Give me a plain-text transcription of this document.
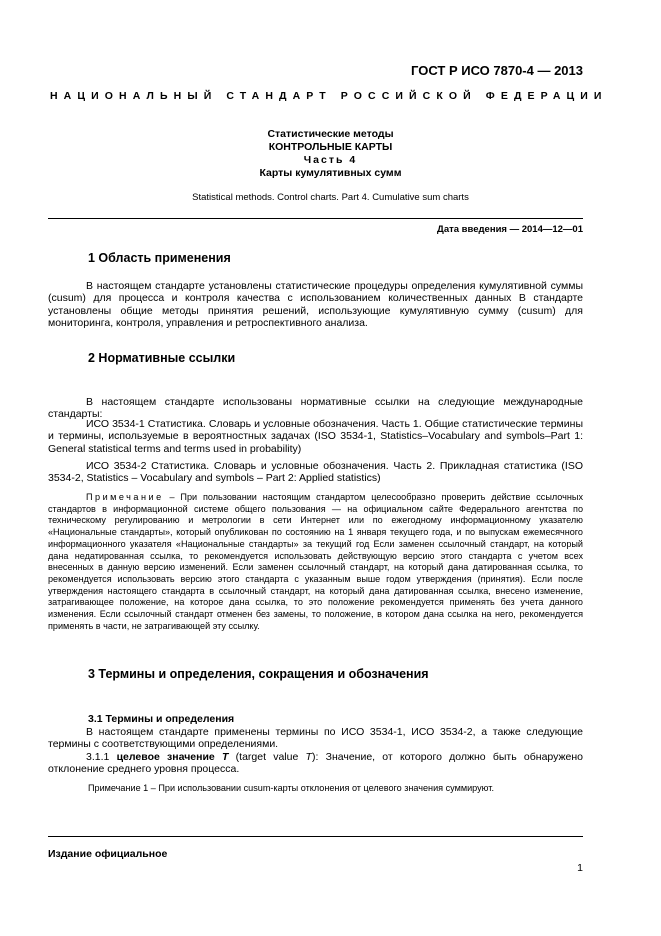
ГОСТ Р ИСО 7870-4 — 2013
НАЦИОНАЛЬНЫЙ СТАНДАРТ РОССИЙСКОЙ ФЕДЕРАЦИИ
Статистические методы
КОНТРОЛЬНЫЕ КАРТЫ
Часть 4
Карты кумулятивных сумм
Statistical methods. Control charts. Part 4. Cumulative sum charts
Дата введения — 2014—12—01
1 Область применения
В настоящем стандарте установлены статистические процедуры определения кумулятивной суммы (cusum) для процесса и контроля качества с использованием количественных данных В стандарте установлены общие методы принятия решений, использующие кумулятивную сумму (cusum) для мониторинга, контроля, управления и ретроспективного анализа.
2 Нормативные ссылки
В настоящем стандарте использованы нормативные ссылки на следующие международные стандарты:
ИСО 3534-1 Статистика. Словарь и условные обозначения. Часть 1. Общие статистические термины и термины, используемые в вероятностных задачах (ISO 3534-1, Statistics–Vocabulary and symbols–Part 1: General statistical terms and terms used in probability)
ИСО 3534-2 Статистика. Словарь и условные обозначения. Часть 2. Прикладная статистика (ISO 3534-2, Statistics – Vocabulary and symbols – Part 2: Applied statistics)
Примечание – При пользовании настоящим стандартом целесообразно проверить действие ссылочных стандартов в информационной системе общего пользования — на официальном сайте Федерального агентства по техническому регулированию и метрологии в сети Интернет или по ежегодному информационному указателю «Национальные стандарты», который опубликован по состоянию на 1 января текущего года, и по выпускам ежемесячного информационного указателя «Национальные стандарты» за текущий год Если заменен ссылочный стандарт, на который дана недатированная ссылка, то рекомендуется использовать действующую версию этого стандарта с учетом всех внесенных в данную версию изменений. Если заменен ссылочный стандарт, на который дана датированная ссылка, то рекомендуется использовать версию этого стандарта с указанным выше годом утверждения (принятия). Если после утверждения настоящего стандарта в ссылочный стандарт, на который дана датированная ссылка, внесено изменение, затрагивающее положение, на которое дана ссылка, то это положение рекомендуется применять без учета данного изменения. Если ссылочный стандарт отменен без замены, то положение, в котором дана ссылка на него, рекомендуется применять в части, не затрагивающей эту ссылку.
3 Термины и определения, сокращения и обозначения
3.1 Термины и определения
В настоящем стандарте применены термины по ИСО 3534-1, ИСО 3534-2, а также следующие термины с соответствующими определениями.
3.1.1 целевое значение T (target value T): Значение, от которого должно быть обнаружено отклонение среднего уровня процесса.
Примечание 1 – При использовании cusum-карты отклонения от целевого значения суммируют.
Издание официальное
1
